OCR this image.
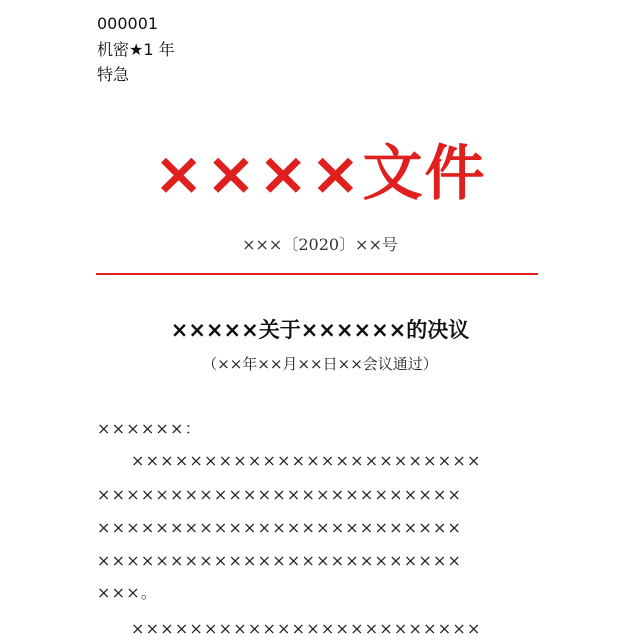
000001
机密★1 年
特急
××××文件
×××〔2020〕××号
×××××关于××××××的决议
（××年××月××日××会议通过）
××××××：
××××××××××××××××××××××××
×××××××××××××××××××××××××
×××××××××××××××××××××××××
×××××××××××××××××××××××××
×××。
××××××××××××××××××××××××
